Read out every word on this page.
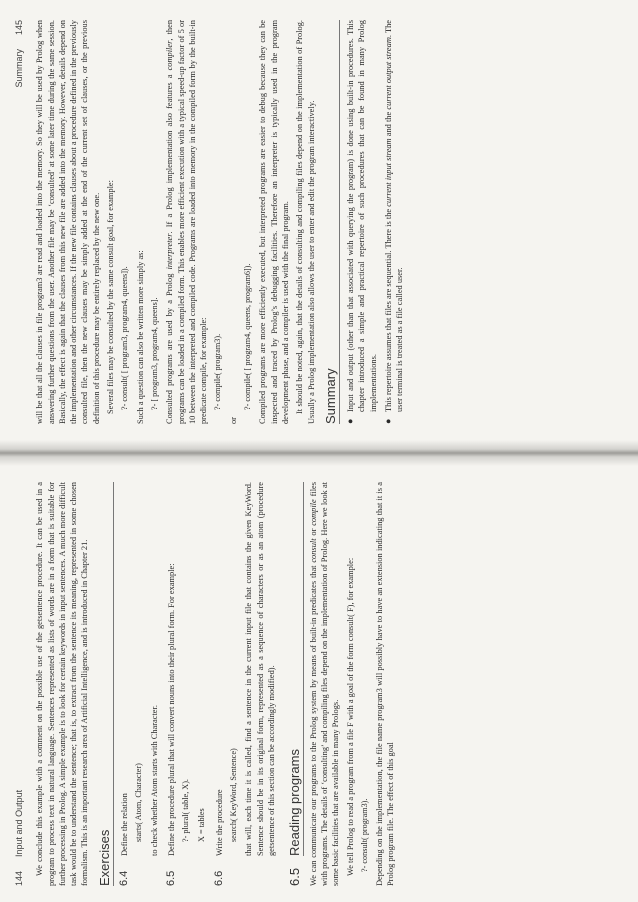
144Input and Output We conclude this example with a comment on the possible use of the getsentence procedure. It can be used in a program to process text in natural language. Sentences represented as lists of words are in a form that is suitable for further processing in Prolog. A simple example is to look for certain keywords in input sentences. A much more difficult task would be to understand the sentence; that is, to extract from the sentence its meaning, represented in some chosen formalism. This is an important research area of Artificial Intelligence, and is introduced in Chapter 21. Exercises 6.4

Define the relation starts( Atom, Character) to check whether Atom starts with Character.

6.5

Define the procedure plural that will convert nouns into their plural form. For example: ?- plural( table, X). X = tables
6.6

Write the procedure search( KeyWord, Sentence) that will, each time it is called, find a sentence in the current input file that contains the given KeyWord. Sentence should be in its original form, represented as a sequence of characters or as an atom (procedure getsentence of this section can be accordingly modified).

6.5
Reading programs We can communicate our programs to the Prolog system by means of built-in predicates that consult or compile files with programs. The details of ‘consulting’ and compiling files depend on the implementation of Prolog. Here we look at some basic facilities that are available in many Prologs. We tell Prolog to read a program from a file F with a goal of the form consult( F), for example: ?- consult( program3). Depending on the implementation, the file name program3 will possibly have to have an extension indicating that it is a Prolog program file. The effect of this goal

Summary145 will be that all the clauses in file program3 are read and loaded into the memory. So they will be used by Prolog when answering further questions from the user. Another file may be ‘consulted’ at some later time during the same session. Basically, the effect is again that the clauses from this new file are added into the memory. However, details depend on the implementation and other circumstances. If the new file contains clauses about a procedure defined in the previously consulted file, then the new clauses may be simply added at the end of the current set of clauses, or the previous definition of this procedure may be entirely replaced by the new one. Several files may be consulted by the same consult goal, for example: ?- consult( [ program3, program4, queens]). Such a question can also be written more simply as: ?- [ program3, program4, queens]. Consulted programs are used by a Prolog interpreter. If a Prolog implementation also features a compiler, then programs can be loaded in a compiled form. This enables more efficient execution with a typical speed-up factor of 5 or 10 between the interpreted and compiled code. Programs are loaded into memory in the compiled form by the built-in predicate compile, for example: ?- compile( program3).

or

?- compile( [ program4, queens, program6]). Compiled programs are more efficiently executed, but interpreted programs are easier to debug because they can be inspected and traced by Prolog’s debugging facilities. Therefore an interpreter is typically used in the program development phase, and a compiler is used with the final program. It should be noted, again, that the details of consulting and compiling files depend on the implementation of Prolog. Usually a Prolog implementation also allows the user to enter and edit the program interactively. Summary ●
Input and output (other than that associated with querying the program) is done using built-in procedures. This chapter introduced a simple and practical repertoire of such procedures that can be found in many Prolog implementations.
●
This repertoire assumes that files are sequential. There is the current input stream and the current output stream. The user terminal is treated as a file called user.
